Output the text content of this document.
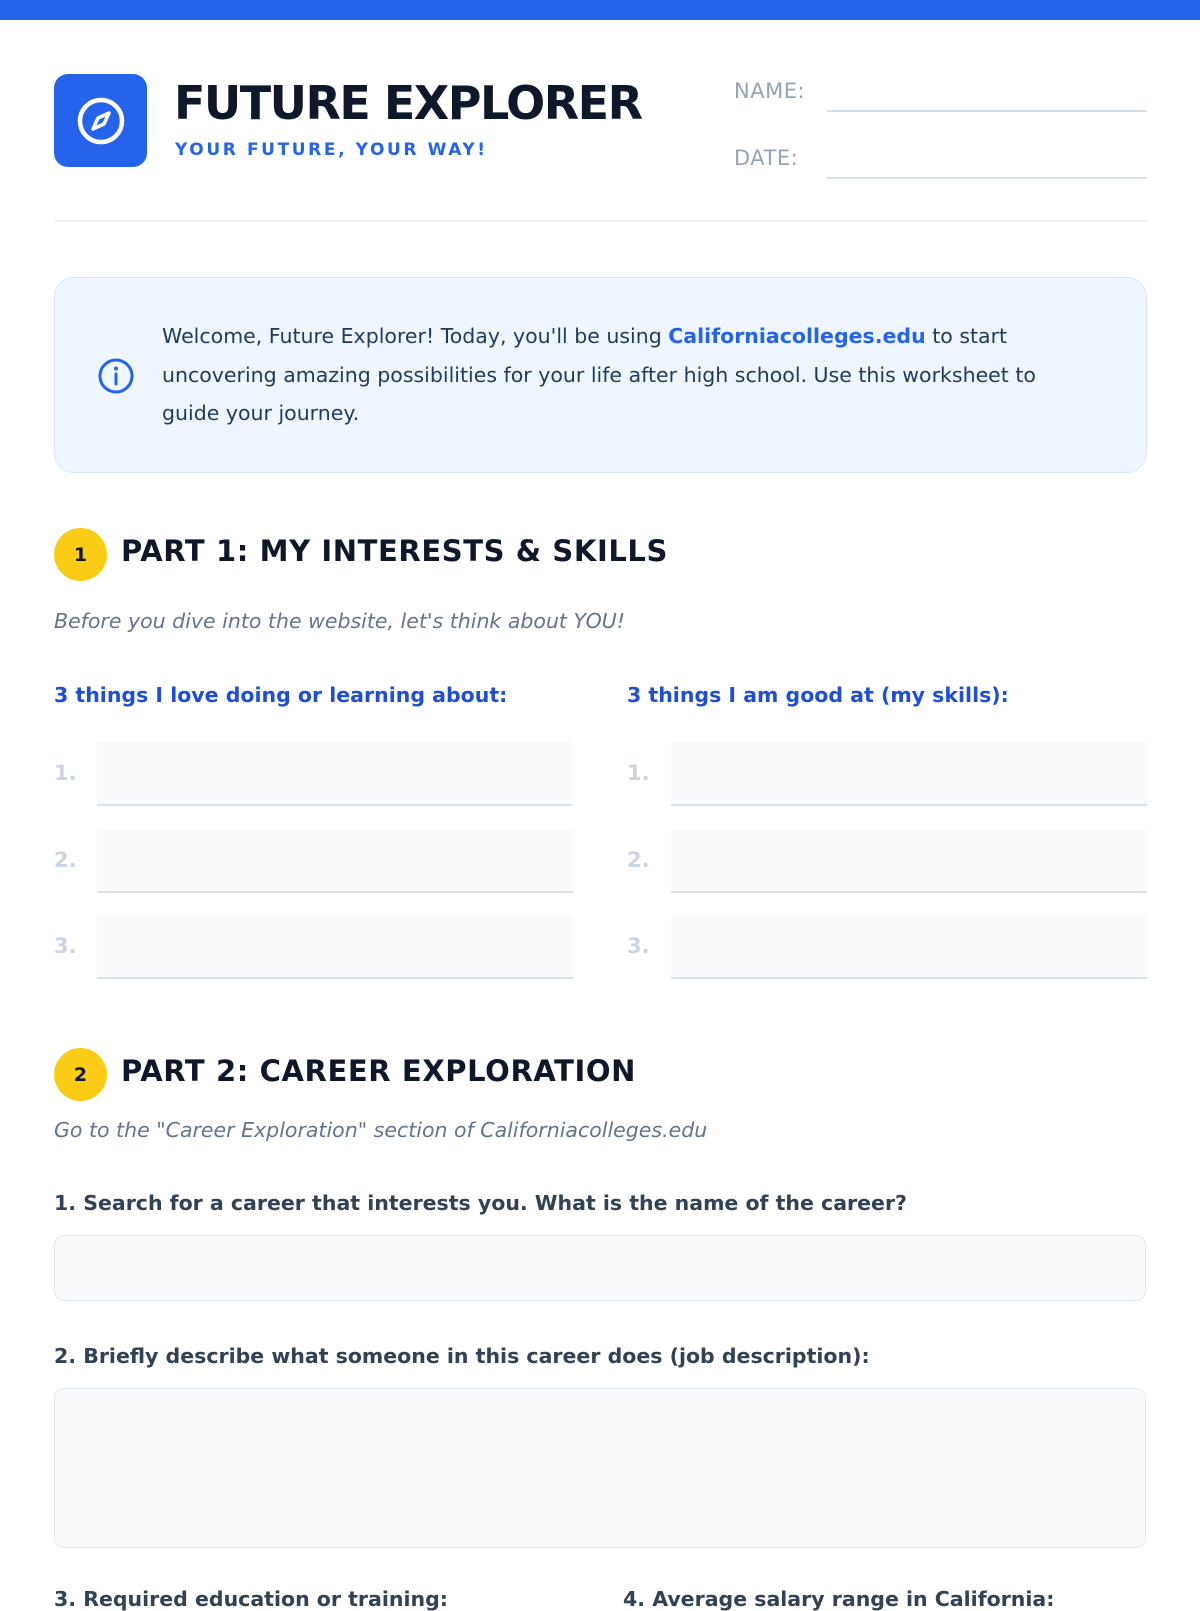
FUTURE EXPLORER
YOUR FUTURE, YOUR WAY!
NAME:
DATE:
Welcome, Future Explorer! Today, you'll be using Californiacolleges.edu to start uncovering amazing possibilities for your life after high school. Use this worksheet to guide your journey.
1	PART 1: MY INTERESTS & SKILLS
Before you dive into the website, let's think about YOU!
3 things I love doing or learning about:	3 things I am good at (my skills):
1.
2.
3.
1.
2.
3.
2	PART 2: CAREER EXPLORATION
Go to the "Career Exploration" section of Californiacolleges.edu
1. Search for a career that interests you. What is the name of the career?
2. Briefly describe what someone in this career does (job description):
3. Required education or training:	4. Average salary range in California:
